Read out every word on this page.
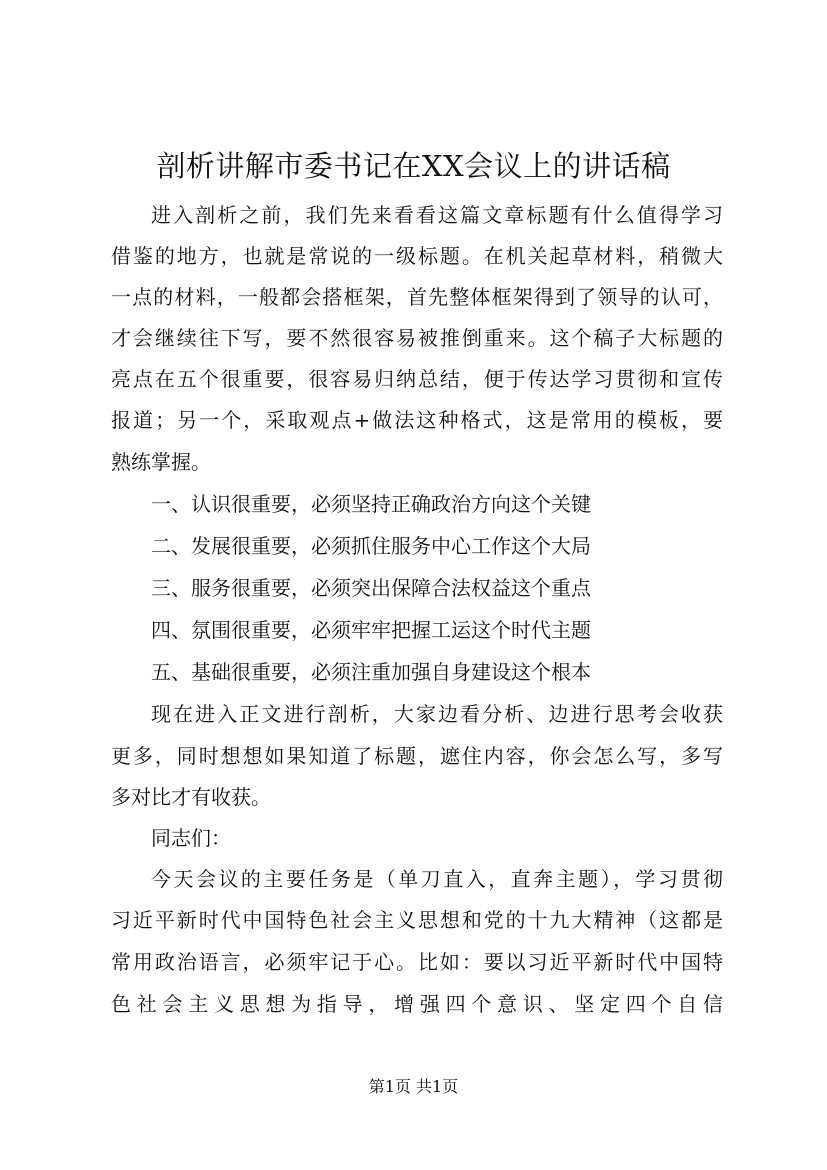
剖析讲解市委书记在XX会议上的讲话稿
进入剖析之前，我们先来看看这篇文章标题有什么值得学习
借鉴的地方，也就是常说的一级标题。在机关起草材料，稍微大
一点的材料，一般都会搭框架，首先整体框架得到了领导的认可，
才会继续往下写，要不然很容易被推倒重来。这个稿子大标题的
亮点在五个很重要，很容易归纳总结，便于传达学习贯彻和宣传
报道；另一个，采取观点+做法这种格式，这是常用的模板，要
熟练掌握。
一、认识很重要，必须坚持正确政治方向这个关键
二、发展很重要，必须抓住服务中心工作这个大局
三、服务很重要，必须突出保障合法权益这个重点
四、氛围很重要，必须牢牢把握工运这个时代主题
五、基础很重要，必须注重加强自身建设这个根本
现在进入正文进行剖析，大家边看分析、边进行思考会收获
更多，同时想想如果知道了标题，遮住内容，你会怎么写，多写
多对比才有收获。
同志们：
今天会议的主要任务是（单刀直入，直奔主题），学习贯彻
习近平新时代中国特色社会主义思想和党的十九大精神（这都是
常用政治语言，必须牢记于心。比如：要以习近平新时代中国特
色社会主义思想为指导，增强四个意识、坚定四个自信
第1页 共1页
